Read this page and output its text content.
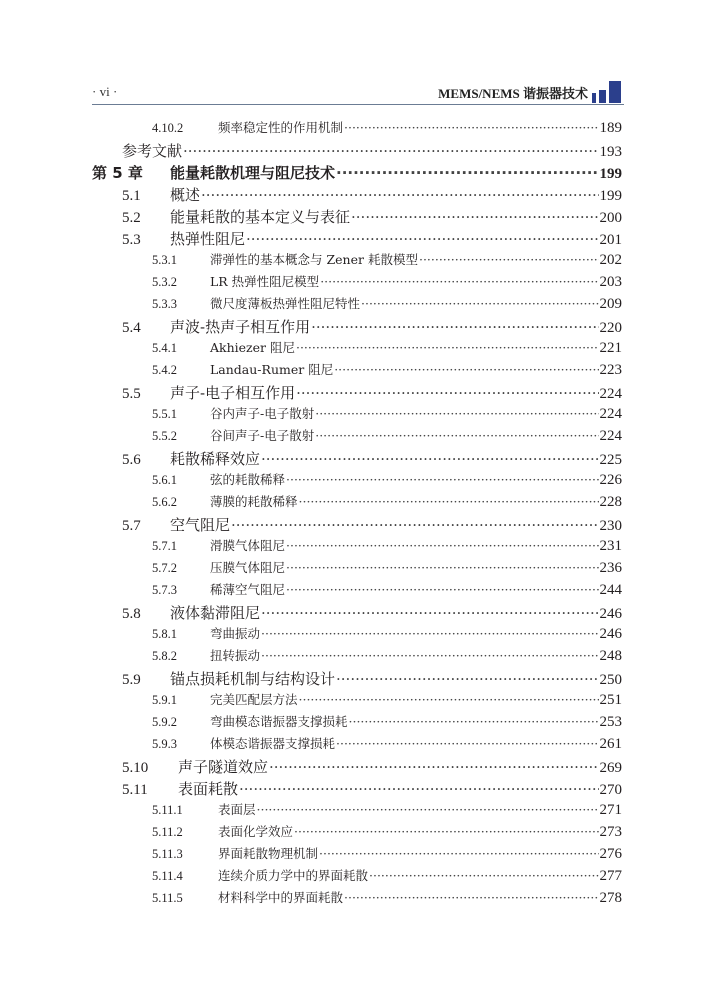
· vi ·	MEMS/NEMS 谐振器技术
4.10.2	频率稳定性的作用机制 ·····	189
参考文献 ·····	193
第 5 章	能量耗散机理与阻尼技术 ·····	199
5.1	概述 ·····	199
5.2	能量耗散的基本定义与表征 ·····	200
5.3	热弹性阻尼 ·····	201
5.3.1	滞弹性的基本概念与 Zener 耗散模型 ·····	202
5.3.2	LR 热弹性阻尼模型 ·····	203
5.3.3	微尺度薄板热弹性阻尼特性 ·····	209
5.4	声波-热声子相互作用 ·····	220
5.4.1	Akhiezer 阻尼 ·····	221
5.4.2	Landau-Rumer 阻尼 ·····	223
5.5	声子-电子相互作用 ·····	224
5.5.1	谷内声子-电子散射 ·····	224
5.5.2	谷间声子-电子散射 ·····	224
5.6	耗散稀释效应 ·····	225
5.6.1	弦的耗散稀释 ·····	226
5.6.2	薄膜的耗散稀释 ·····	228
5.7	空气阻尼 ·····	230
5.7.1	滑膜气体阻尼 ·····	231
5.7.2	压膜气体阻尼 ·····	236
5.7.3	稀薄空气阻尼 ·····	244
5.8	液体黏滞阻尼 ·····	246
5.8.1	弯曲振动 ·····	246
5.8.2	扭转振动 ·····	248
5.9	锚点损耗机制与结构设计 ·····	250
5.9.1	完美匹配层方法 ·····	251
5.9.2	弯曲模态谐振器支撑损耗 ·····	253
5.9.3	体模态谐振器支撑损耗 ·····	261
5.10	声子隧道效应 ·····	269
5.11	表面耗散 ·····	270
5.11.1	表面层 ·····	271
5.11.2	表面化学效应 ·····	273
5.11.3	界面耗散物理机制 ·····	276
5.11.4	连续介质力学中的界面耗散 ·····	277
5.11.5	材料科学中的界面耗散 ·····	278
